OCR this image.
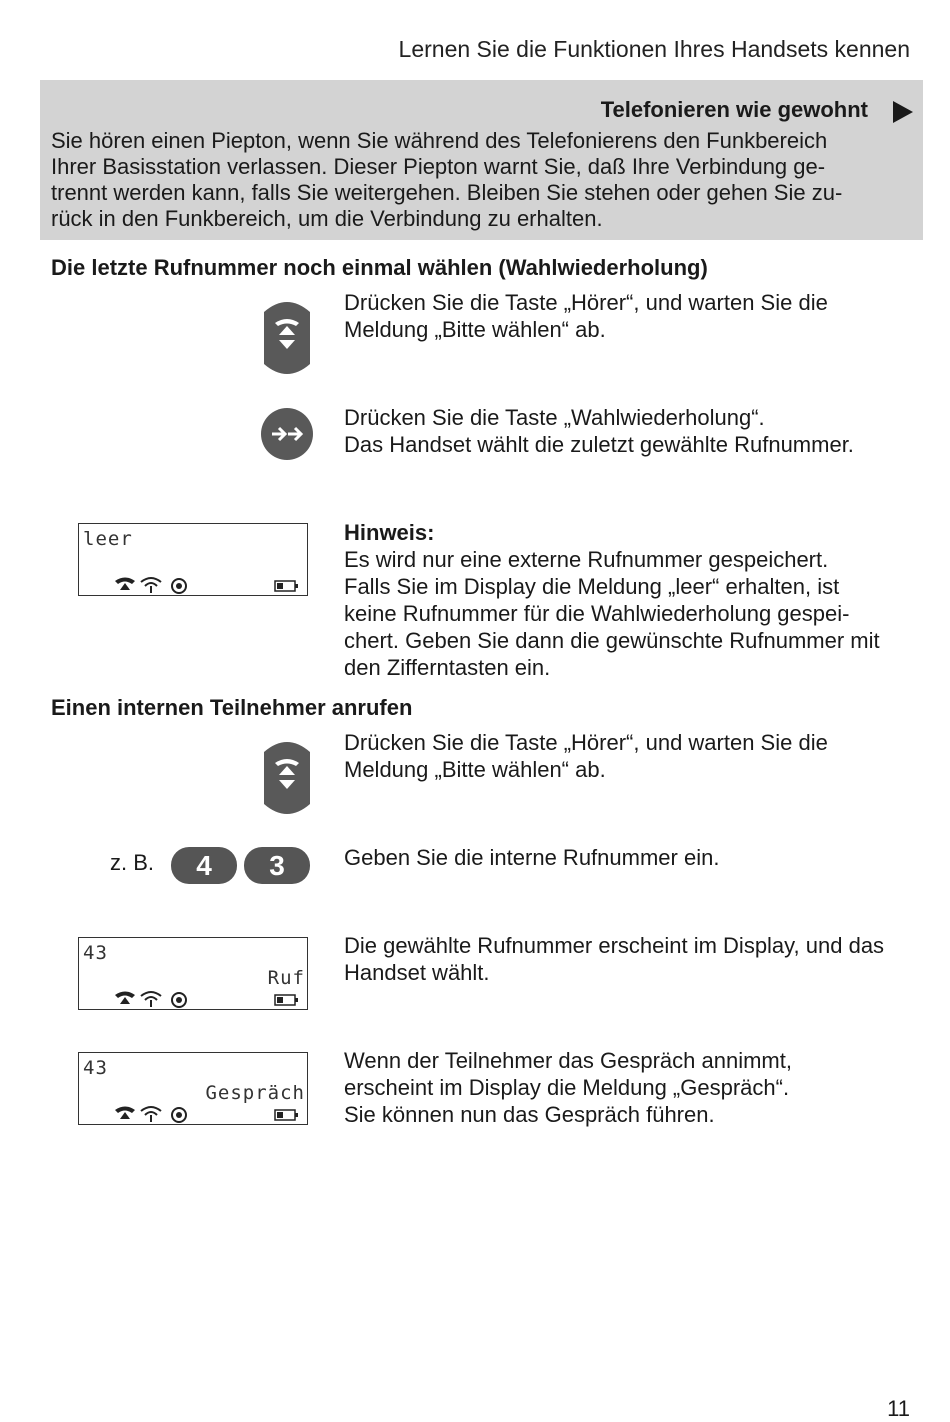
Lernen Sie die Funktionen Ihres Handsets kennen
Telefonieren wie gewohnt
Sie hören einen Piepton, wenn Sie während des Telefonierens den Funkbereich
Ihrer Basisstation verlassen. Dieser Piepton warnt Sie, daß Ihre Verbindung ge-
trennt werden kann, falls Sie weitergehen. Bleiben Sie stehen oder gehen Sie zu-
rück in den Funkbereich, um die Verbindung zu erhalten.
Die letzte Rufnummer noch einmal wählen (Wahlwiederholung)
Drücken Sie die Taste „Hörer“, und warten Sie die
Meldung „Bitte wählen“ ab.
Drücken Sie die Taste „Wahlwiederholung“.
Das Handset wählt die zuletzt gewählte Rufnummer.
leer	Hinweis:

Es wird nur eine externe Rufnummer gespeichert.
Falls Sie im Display die Meldung „leer“ erhalten, ist
keine Rufnummer für die Wahlwiederholung gespei-
chert. Geben Sie dann die gewünschte Rufnummer mit
den Zifferntasten ein.

Einen internen Teilnehmer anrufen
Drücken Sie die Taste „Hörer“, und warten Sie die
Meldung „Bitte wählen“ ab.
z. B.	4	3	Geben Sie die interne Rufnummer ein.
43
Ruf
Die gewählte Rufnummer erscheint im Display, und das
Handset wählt.
43
Gespräch
Wenn der Teilnehmer das Gespräch annimmt,
erscheint im Display die Meldung „Gespräch“.
Sie können nun das Gespräch führen.
11
